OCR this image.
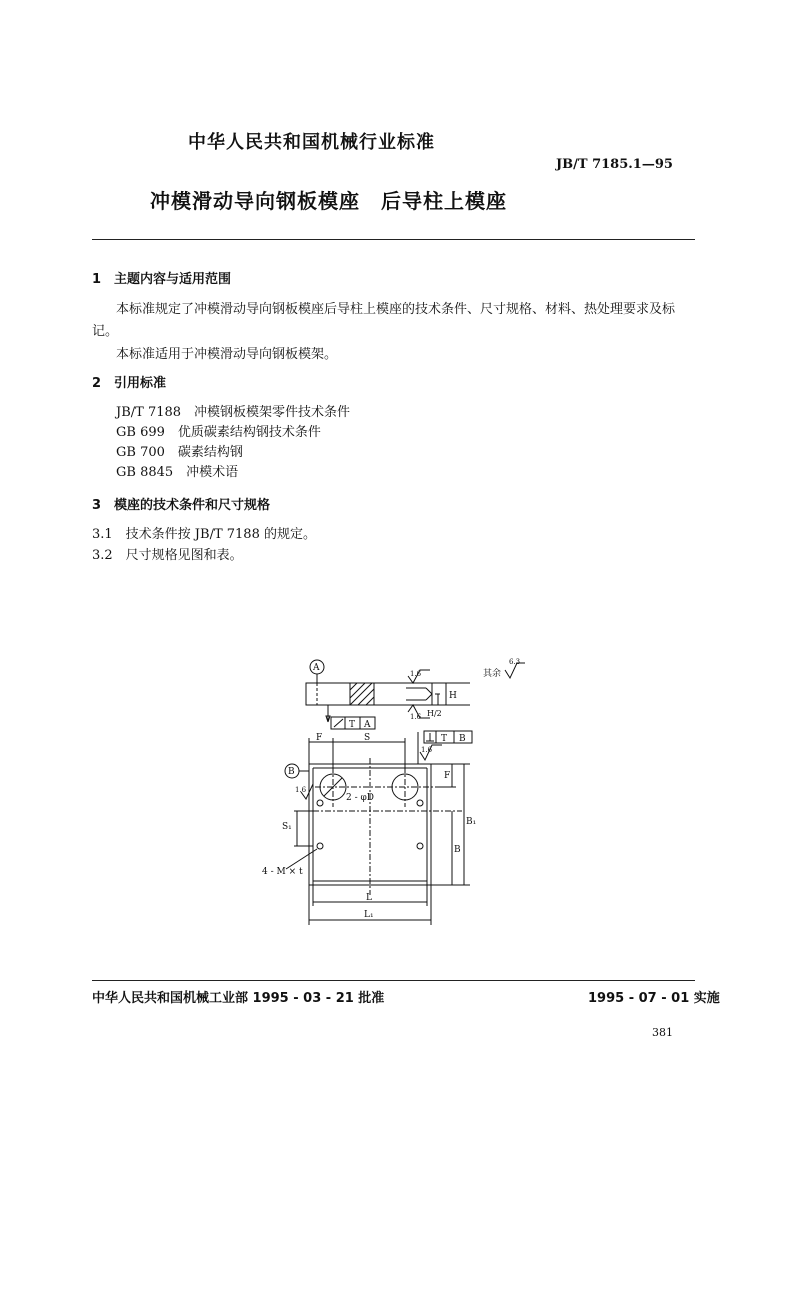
中华人民共和国机械行业标准
JB/T 7185.1—95
冲模滑动导向钢板模座　后导柱上模座
1　主题内容与适用范围
本标准规定了冲模滑动导向钢板模座后导柱上模座的技术条件、尺寸规格、材料、热处理要求及标
记。
本标准适用于冲模滑动导向钢板模架。
2　引用标准
JB/T 7188　冲模钢板模架零件技术条件
GB 699　优质碳素结构钢技术条件
GB 700　碳素结构钢
GB 8845　冲模术语
3　模座的技术条件和尺寸规格
3.1　技术条件按 JB/T 7188 的规定。
3.2　尺寸规格见图和表。
A
T A
1.6
1.6
H
H/2
其余
6.3
F	S	T B
1.6
B
1.6
2 - φD
F
B₁
B
S₁
4 - M × t
L
L₁
中华人民共和国机械工业部 1995 - 03 - 21 批准	1995 - 07 - 01 实施
381
